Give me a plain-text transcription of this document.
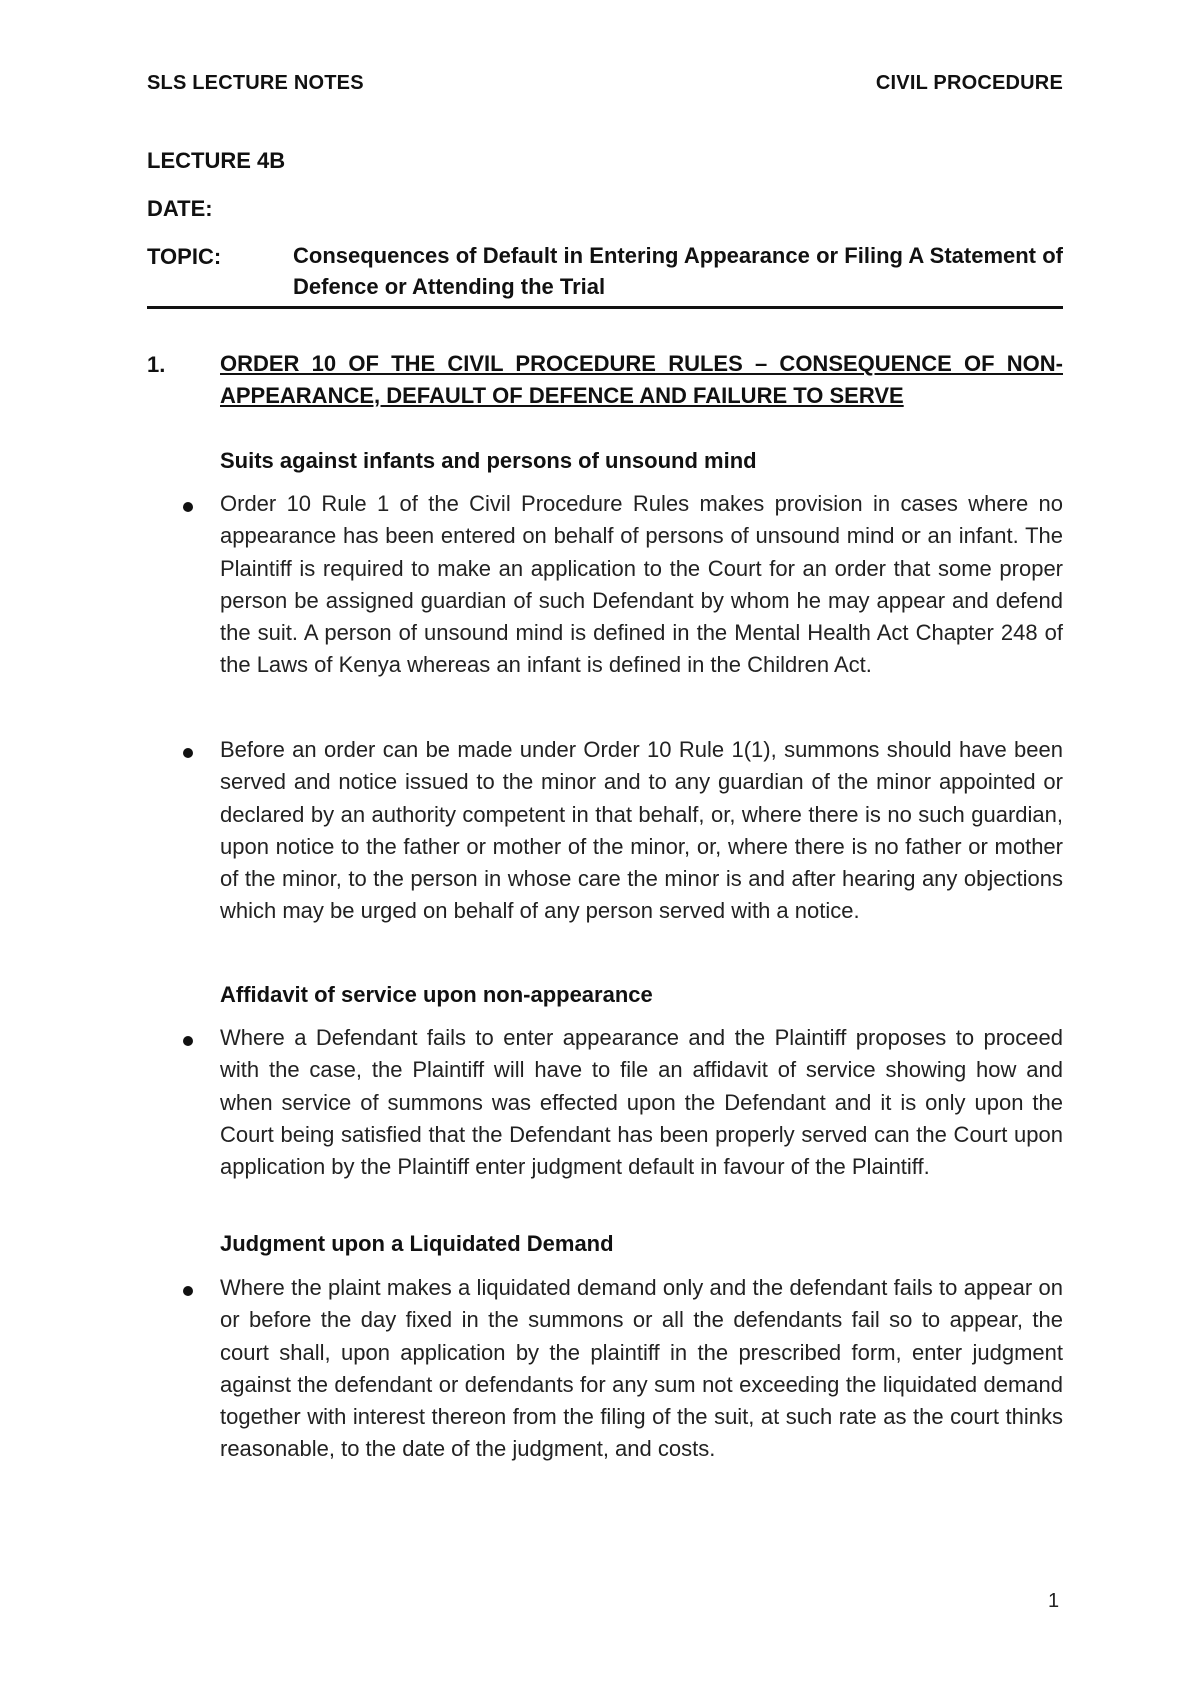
SLS LECTURE NOTES	CIVIL PROCEDURE
LECTURE 4B
DATE:
TOPIC:	Consequences of Default in Entering Appearance or Filing A Statement of Defence or Attending the Trial
1.	ORDER 10 OF THE CIVIL PROCEDURE RULES – CONSEQUENCE OF NON-APPEARANCE, DEFAULT OF DEFENCE AND FAILURE TO SERVE
Suits against infants and persons of unsound mind
Order 10 Rule 1 of the Civil Procedure Rules makes provision in cases where no appearance has been entered on behalf of persons of unsound mind or an infant. The Plaintiff is required to make an application to the Court for an order that some proper person be assigned guardian of such Defendant by whom he may appear and defend the suit. A person of unsound mind is defined in the Mental Health Act Chapter 248 of the Laws of Kenya whereas an infant is defined in the Children Act.
Before an order can be made under Order 10 Rule 1(1), summons should have been served and notice issued to the minor and to any guardian of the minor appointed or declared by an authority competent in that behalf, or, where there is no such guardian, upon notice to the father or mother of the minor, or, where there is no father or mother of the minor, to the person in whose care the minor is and after hearing any objections which may be urged on behalf of any person served with a notice.
Affidavit of service upon non-appearance
Where a Defendant fails to enter appearance and the Plaintiff proposes to proceed with the case, the Plaintiff will have to file an affidavit of service showing how and when service of summons was effected upon the Defendant and it is only upon the Court being satisfied that the Defendant has been properly served can the Court upon application by the Plaintiff enter judgment default in favour of the Plaintiff.
Judgment upon a Liquidated Demand
Where the plaint makes a liquidated demand only and the defendant fails to appear on or before the day fixed in the summons or all the defendants fail so to appear, the court shall, upon application by the plaintiff in the prescribed form, enter judgment against the defendant or defendants for any sum not exceeding the liquidated demand together with interest thereon from the filing of the suit, at such rate as the court thinks reasonable, to the date of the judgment, and costs.
1
